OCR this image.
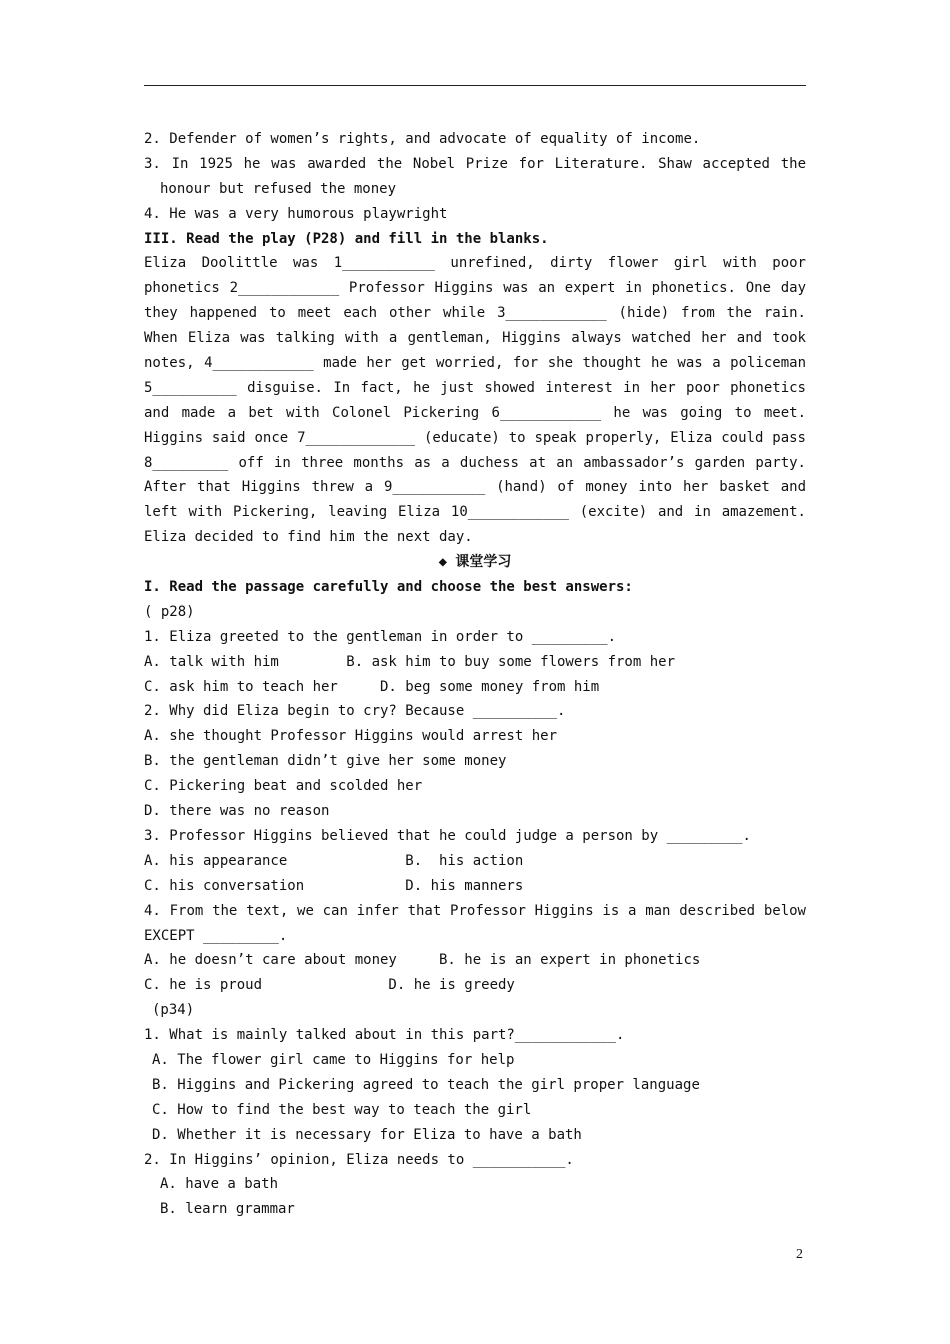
2. Defender of women’s rights, and advocate of equality of income.
3. In 1925 he was awarded the Nobel Prize for Literature. Shaw accepted the
honour but refused the money
4. He was a very humorous playwright
III. Read the play (P28) and fill in the blanks.
Eliza Doolittle was 1___________ unrefined, dirty flower girl with poor
phonetics 2____________ Professor Higgins was an expert in phonetics. One day
they happened to meet each other while 3____________ (hide) from the rain.
When Eliza was talking with a gentleman, Higgins always watched her and took
notes, 4____________ made her get worried, for she thought he was a policeman
5__________ disguise. In fact, he just showed interest in her poor phonetics
and made a bet with Colonel Pickering 6____________ he was going to meet.
Higgins said once 7_____________ (educate) to speak properly, Eliza could pass
8_________ off in three months as a duchess at an ambassador’s garden party.
After that Higgins threw a 9___________ (hand) of money into her basket and
left with Pickering, leaving Eliza 10____________ (excite) and in amazement.
Eliza decided to find him the next day.
◆ 课堂学习
I. Read the passage carefully and choose the best answers:
( p28)
1. Eliza greeted to the gentleman in order to _________.
A. talk with him        B. ask him to buy some flowers from her
C. ask him to teach her     D. beg some money from him
2. Why did Eliza begin to cry? Because __________.
A. she thought Professor Higgins would arrest her
B. the gentleman didn’t give her some money
C. Pickering beat and scolded her
D. there was no reason
3. Professor Higgins believed that he could judge a person by _________.
A. his appearance              B.  his action
C. his conversation            D. his manners
4. From the text, we can infer that Professor Higgins is a man described below
EXCEPT _________.
A. he doesn’t care about money     B. he is an expert in phonetics
C. he is proud               D. he is greedy
(p34)
1. What is mainly talked about in this part?____________.
A. The flower girl came to Higgins for help
B. Higgins and Pickering agreed to teach the girl proper language
C. How to find the best way to teach the girl
D. Whether it is necessary for Eliza to have a bath
2. In Higgins’ opinion, Eliza needs to ___________.
A. have a bath
B. learn grammar
2
